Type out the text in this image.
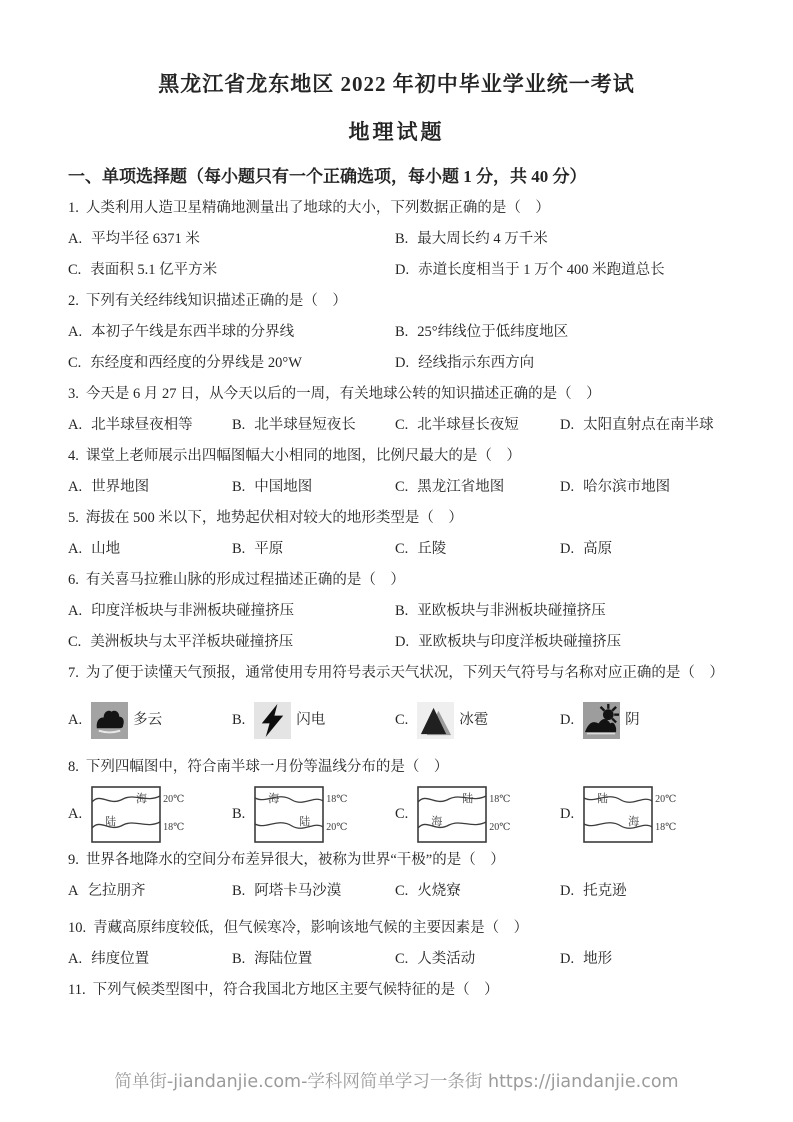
黑龙江省龙东地区 2022 年初中毕业学业统一考试
地理试题
一、单项选择题（每小题只有一个正确选项，每小题 1 分，共 40 分）
1. 人类利用人造卫星精确地测量出了地球的大小，下列数据正确的是（　）
A. 平均半径 6371 米	B. 最大周长约 4 万千米
C. 表面积 5.1 亿平方米	D. 赤道长度相当于 1 万个 400 米跑道总长
2. 下列有关经纬线知识描述正确的是（　）
A. 本初子午线是东西半球的分界线	B. 25°纬线位于低纬度地区
C. 东经度和西经度的分界线是 20°W	D. 经线指示东西方向
3. 今天是 6 月 27 日，从今天以后的一周，有关地球公转的知识描述正确的是（　）
A. 北半球昼夜相等	B. 北半球昼短夜长	C. 北半球昼长夜短	D. 太阳直射点在南半球
4. 课堂上老师展示出四幅图幅大小相同的地图，比例尺最大的是（　）
A. 世界地图	B. 中国地图	C. 黑龙江省地图	D. 哈尔滨市地图
5. 海拔在 500 米以下，地势起伏相对较大的地形类型是（　）
A. 山地	B. 平原	C. 丘陵	D. 高原
6. 有关喜马拉雅山脉的形成过程描述正确的是（　）
A. 印度洋板块与非洲板块碰撞挤压	B. 亚欧板块与非洲板块碰撞挤压
C. 美洲板块与太平洋板块碰撞挤压	D. 亚欧板块与印度洋板块碰撞挤压
7. 为了便于读懂天气预报，通常使用专用符号表示天气状况，下列天气符号与名称对应正确的是（　）
A.	多云	B.	闪电	C.	冰雹	D.	阴
8. 下列四幅图中，符合南半球一月份等温线分布的是（　）
A.
海
陆
20℃
18℃
B.
海
陆
18℃
20℃
C.
陆
海
18℃
20℃
D.
陆
海
20℃
18℃
9. 世界各地降水的空间分布差异很大，被称为世界“干极”的是（　）
A 乞拉朋齐	B. 阿塔卡马沙漠	C. 火烧寮	D. 托克逊
10. 青藏高原纬度较低，但气候寒冷，影响该地气候的主要因素是（　）
A. 纬度位置	B. 海陆位置	C. 人类活动	D. 地形
11. 下列气候类型图中，符合我国北方地区主要气候特征的是（　）
简单街-jiandanjie.com-学科网简单学习一条街 https://jiandanjie.com
